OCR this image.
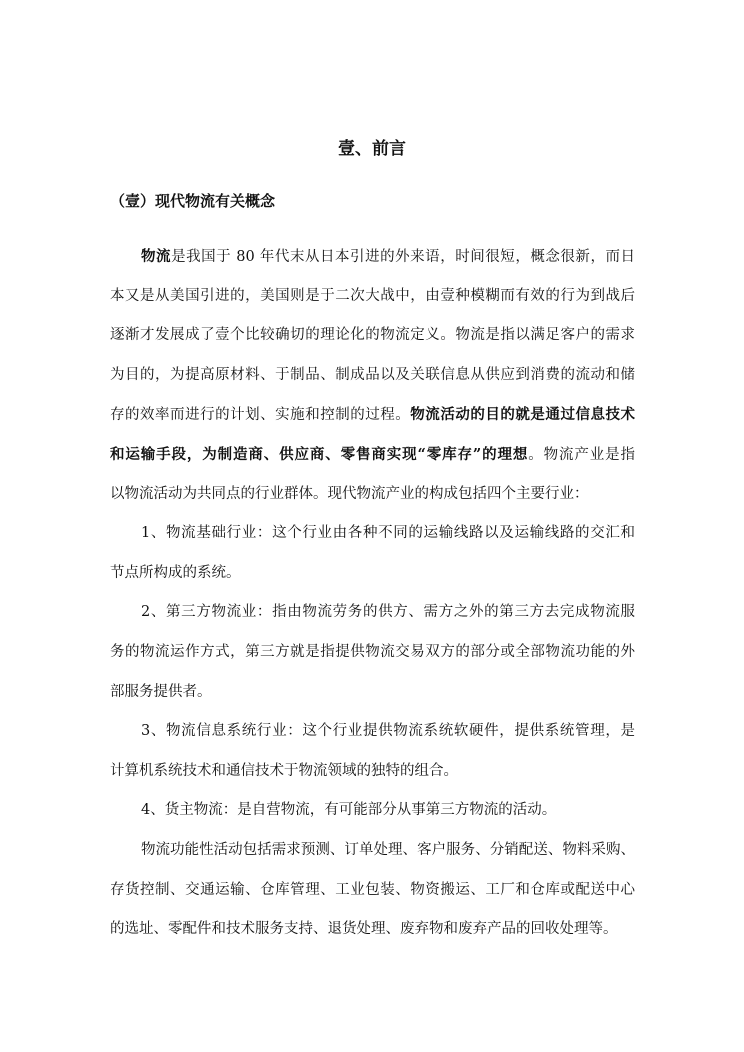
壹、前言
（壹）现代物流有关概念
物流是我国于 80 年代末从日本引进的外来语，时间很短，概念很新，而日
本又是从美国引进的，美国则是于二次大战中，由壹种模糊而有效的行为到战后
逐渐才发展成了壹个比较确切的理论化的物流定义。物流是指以满足客户的需求
为目的，为提高原材料、于制品、制成品以及关联信息从供应到消费的流动和储
存的效率而进行的计划、实施和控制的过程。物流活动的目的就是通过信息技术
和运输手段，为制造商、供应商、零售商实现“零库存”的理想。物流产业是指
以物流活动为共同点的行业群体。现代物流产业的构成包括四个主要行业：
1、物流基础行业：这个行业由各种不同的运输线路以及运输线路的交汇和
节点所构成的系统。
2、第三方物流业：指由物流劳务的供方、需方之外的第三方去完成物流服
务的物流运作方式，第三方就是指提供物流交易双方的部分或全部物流功能的外
部服务提供者。
3、物流信息系统行业：这个行业提供物流系统软硬件，提供系统管理，是
计算机系统技术和通信技术于物流领域的独特的组合。
4、货主物流：是自营物流，有可能部分从事第三方物流的活动。
物流功能性活动包括需求预测、订单处理、客户服务、分销配送、物料采购、
存货控制、交通运输、仓库管理、工业包装、物资搬运、工厂和仓库或配送中心
的选址、零配件和技术服务支持、退货处理、废弃物和废弃产品的回收处理等。
